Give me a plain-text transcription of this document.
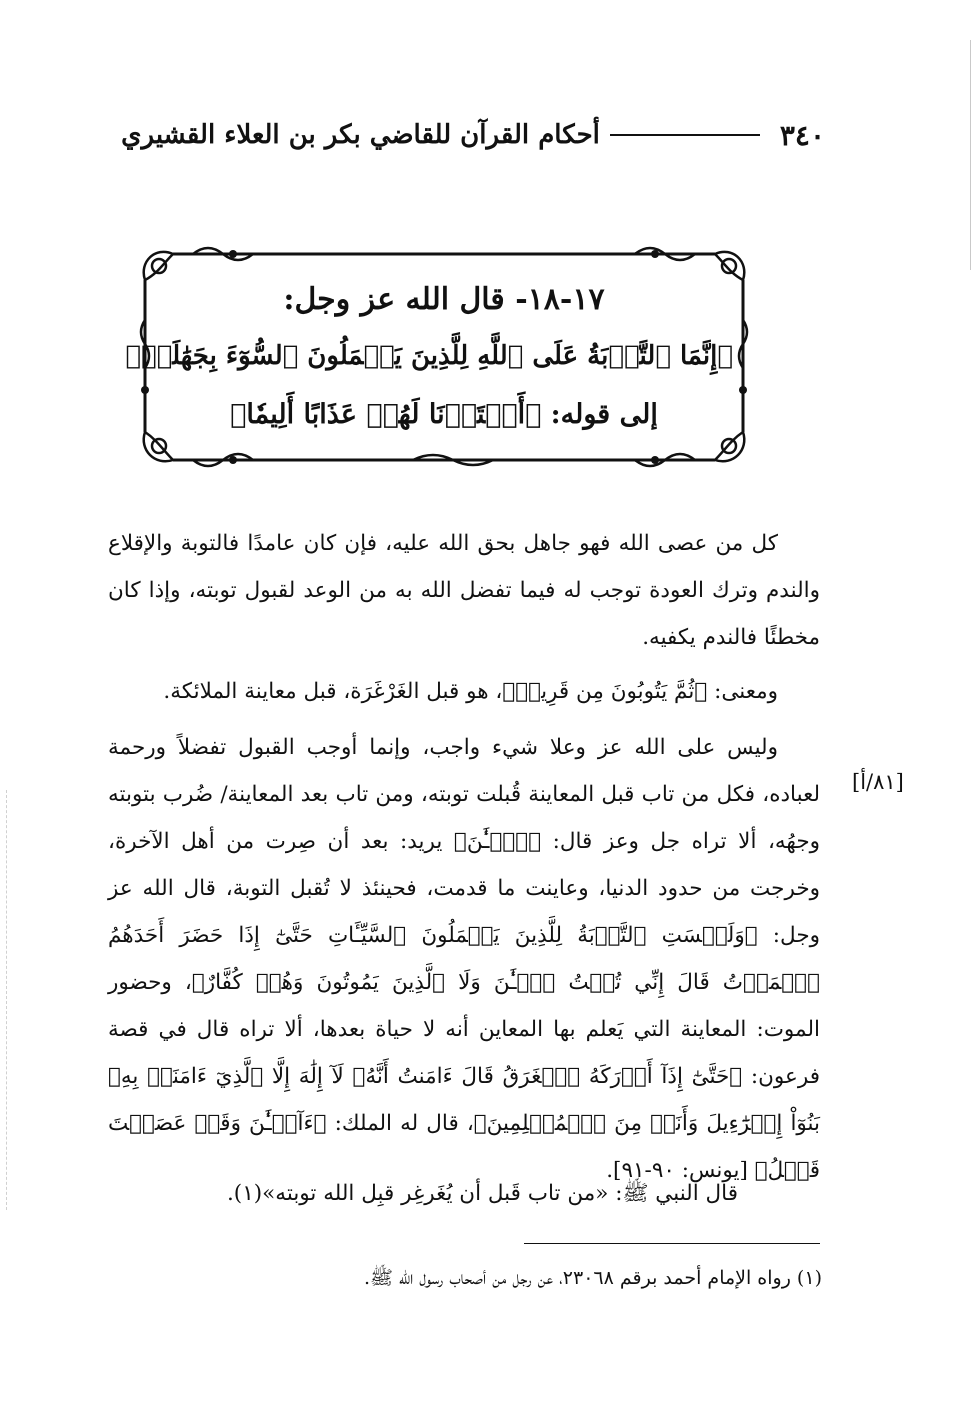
٣٤٠
أحكام القرآن للقاضي بكر بن العلاء القشيري
١٧-١٨- قال الله عز وجل:
﴿إِنَّمَا ٱلتَّوۡبَةُ عَلَى ٱللَّهِ لِلَّذِينَ يَعۡمَلُونَ ٱلسُّوٓءَ بِجَهَٰلَةٖ﴾
إلى قوله: ﴿أَعۡتَدۡنَا لَهُمۡ عَذَابًا أَلِيمٗا﴾
كل من عصى الله فهو جاهل بحق الله عليه، فإن كان عامدًا فالتوبة والإقلاع والندم وترك العودة توجب له فيما تفضل الله به من الوعد لقبول توبته، وإذا كان مخطئًا فالندم يكفيه.
ومعنى: ﴿ثُمَّ يَتُوبُونَ مِن قَرِيبٖ﴾، هو قبل الغَرْغَرَة، قبل معاينة الملائكة.
وليس على الله عز وعلا شيء واجب، وإنما أوجب القبول تفضلاً ورحمة لعباده، فكل من تاب قبل المعاينة قُبلت توبته، ومن تاب بعد المعاينة/ ضُرب بتوبته وجهُه، ألا تراه جل وعز قال: ﴿ٱلۡـَٰٔنَ﴾ يريد: بعد أن صِرت من أهل الآخرة، وخرجت من حدود الدنيا، وعاينت ما قدمت، فحينئذ لا تُقبل التوبة، قال الله عز وجل: ﴿وَلَيۡسَتِ ٱلتَّوۡبَةُ لِلَّذِينَ يَعۡمَلُونَ ٱلسَّيِّـَٔاتِ حَتَّىٰٓ إِذَا حَضَرَ أَحَدَهُمُ ٱلۡمَوۡتُ قَالَ إِنِّي تُبۡتُ ٱلۡـَٰٔنَ وَلَا ٱلَّذِينَ يَمُوتُونَ وَهُمۡ كُفَّارٌ﴾، وحضور الموت: المعاينة التي يَعلم بها المعاين أنه لا حياة بعدها، ألا تراه قال في قصة فرعون: ﴿حَتَّىٰٓ إِذَآ أَدۡرَكَهُ ٱلۡغَرَقُ قَالَ ءَامَنتُ أَنَّهُۥ لَآ إِلَٰهَ إِلَّا ٱلَّذِيٓ ءَامَنَتۡ بِهِۦ بَنُوٓاْ إِسۡرَٰٓءِيلَ وَأَنَا۠ مِنَ ٱلۡمُسۡلِمِينَ﴾، قال له الملك: ﴿ءَآلۡـَٰٔنَ وَقَدۡ عَصَيۡتَ قَبۡلُ﴾ [يونس: ٩٠-٩١].
قال النبي ﷺ: «من تاب قَبل أن يُغَرغِر قبِل الله توبته»(١).
[٨١/أ]
(١) رواه الإمام أحمد برقم ٢٣٠٦٨، عن رجل من أصحاب رسول الله ﷺ.
